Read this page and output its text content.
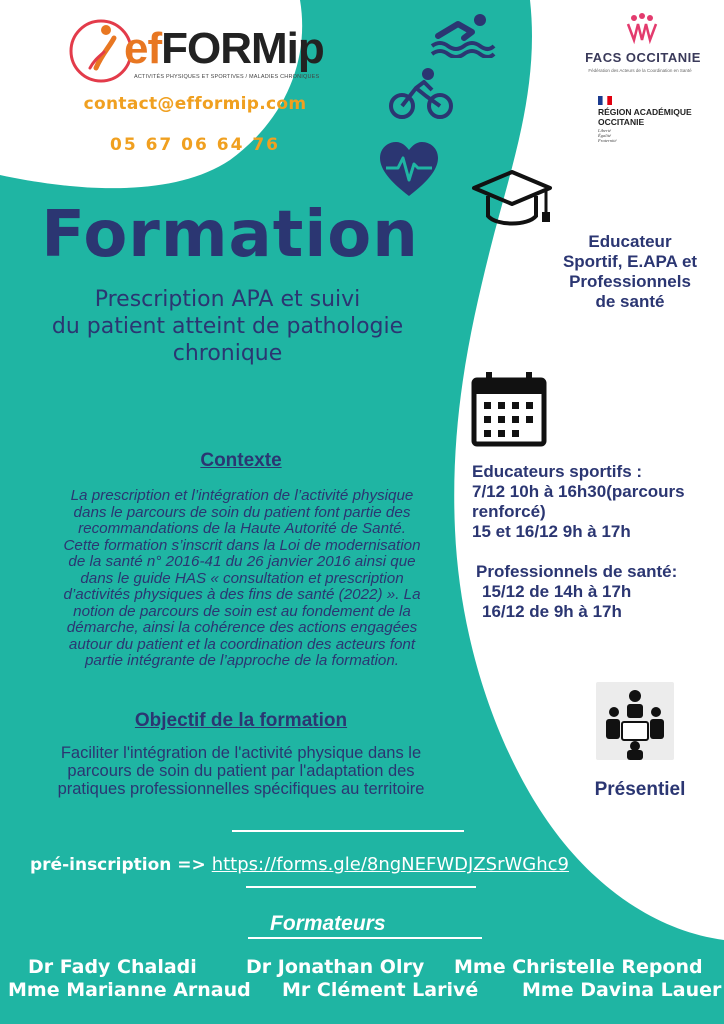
efFORMip
ACTIVITÉS PHYSIQUES ET SPORTIVES / MALADIES CHRONIQUES
contact@efformip.com
05 67 06 64 76
FACS OCCITANIE
Fédération des Acteurs de la Coordination en Santé
RÉGION ACADÉMIQUE
OCCITANIE
Liberté
Égalité
Fraternité
Formation
Prescription APA et suivi
du patient atteint de pathologie
chronique
Educateur
Sportif, E.APA et
Professionnels
de santé
Educateurs sportifs :
7/12 10h à 16h30(parcours
renforcé)
15 et 16/12 9h à 17h
Professionnels de santé:
15/12 de 14h à 17h
16/12 de 9h à 17h
Présentiel
Contexte
La prescription et l’intégration de l’activité physique
dans le parcours de soin du patient font partie des
recommandations de la Haute Autorité de Santé.
Cette formation s’inscrit dans la Loi de modernisation
de la santé n° 2016-41 du 26 janvier 2016 ainsi que
dans le guide HAS « consultation et prescription
d’activités physiques à des fins de santé (2022) ». La
notion de parcours de soin est au fondement de la
démarche, ainsi la cohérence des actions engagées
autour du patient et la coordination des acteurs font
partie intégrante de l’approche de la formation.
Objectif de la formation
Faciliter l'intégration de l'activité physique dans le
parcours de soin du patient par l'adaptation des
pratiques professionnelles spécifiques au territoire
pré-inscription => https://forms.gle/8ngNEFWDJZSrWGhc9
Formateurs
Dr Fady Chaladi	Dr Jonathan Olry Mme Christelle Repond
Mme Marianne Arnaud Mr Clément Larivé Mme Davina Lauer
